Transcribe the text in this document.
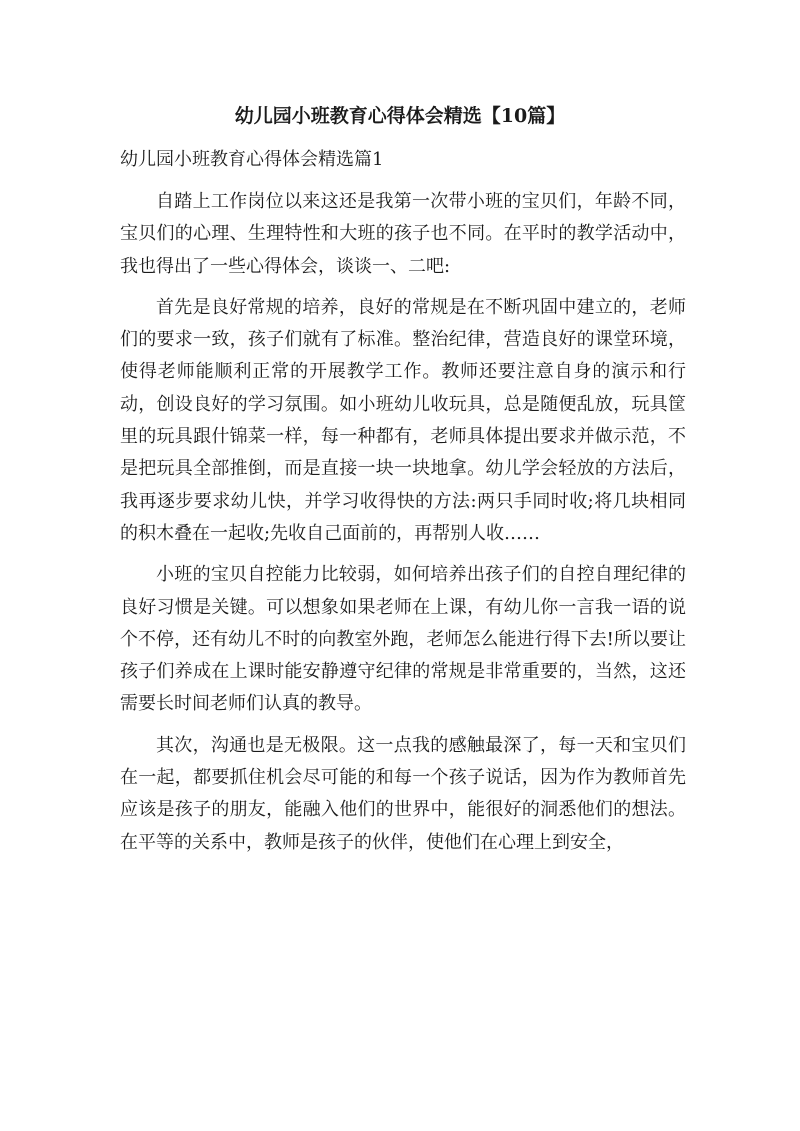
幼儿园小班教育心得体会精选【10篇】

幼儿园小班教育心得体会精选篇1

自踏上工作岗位以来这还是我第一次带小班的宝贝们，年龄不同，宝贝们的心理、生理特性和大班的孩子也不同。在平时的教学活动中，我也得出了一些心得体会，谈谈一、二吧:

首先是良好常规的培养，良好的常规是在不断巩固中建立的，老师们的要求一致，孩子们就有了标准。整治纪律，营造良好的课堂环境，使得老师能顺利正常的开展教学工作。教师还要注意自身的演示和行动，创设良好的学习氛围。如小班幼儿收玩具，总是随便乱放，玩具筐里的玩具跟什锦菜一样，每一种都有，老师具体提出要求并做示范，不是把玩具全部推倒，而是直接一块一块地拿。幼儿学会轻放的方法后，我再逐步要求幼儿快，并学习收得快的方法:两只手同时收;将几块相同的积木叠在一起收;先收自己面前的，再帮别人收……

小班的宝贝自控能力比较弱，如何培养出孩子们的自控自理纪律的良好习惯是关键。可以想象如果老师在上课，有幼儿你一言我一语的说个不停，还有幼儿不时的向教室外跑，老师怎么能进行得下去!所以要让孩子们养成在上课时能安静遵守纪律的常规是非常重要的，当然，这还需要长时间老师们认真的教导。

其次，沟通也是无极限。这一点我的感触最深了，每一天和宝贝们在一起，都要抓住机会尽可能的和每一个孩子说话，因为作为教师首先应该是孩子的朋友，能融入他们的世界中，能很好的洞悉他们的想法。在平等的关系中，教师是孩子的伙伴，使他们在心理上到安全，
